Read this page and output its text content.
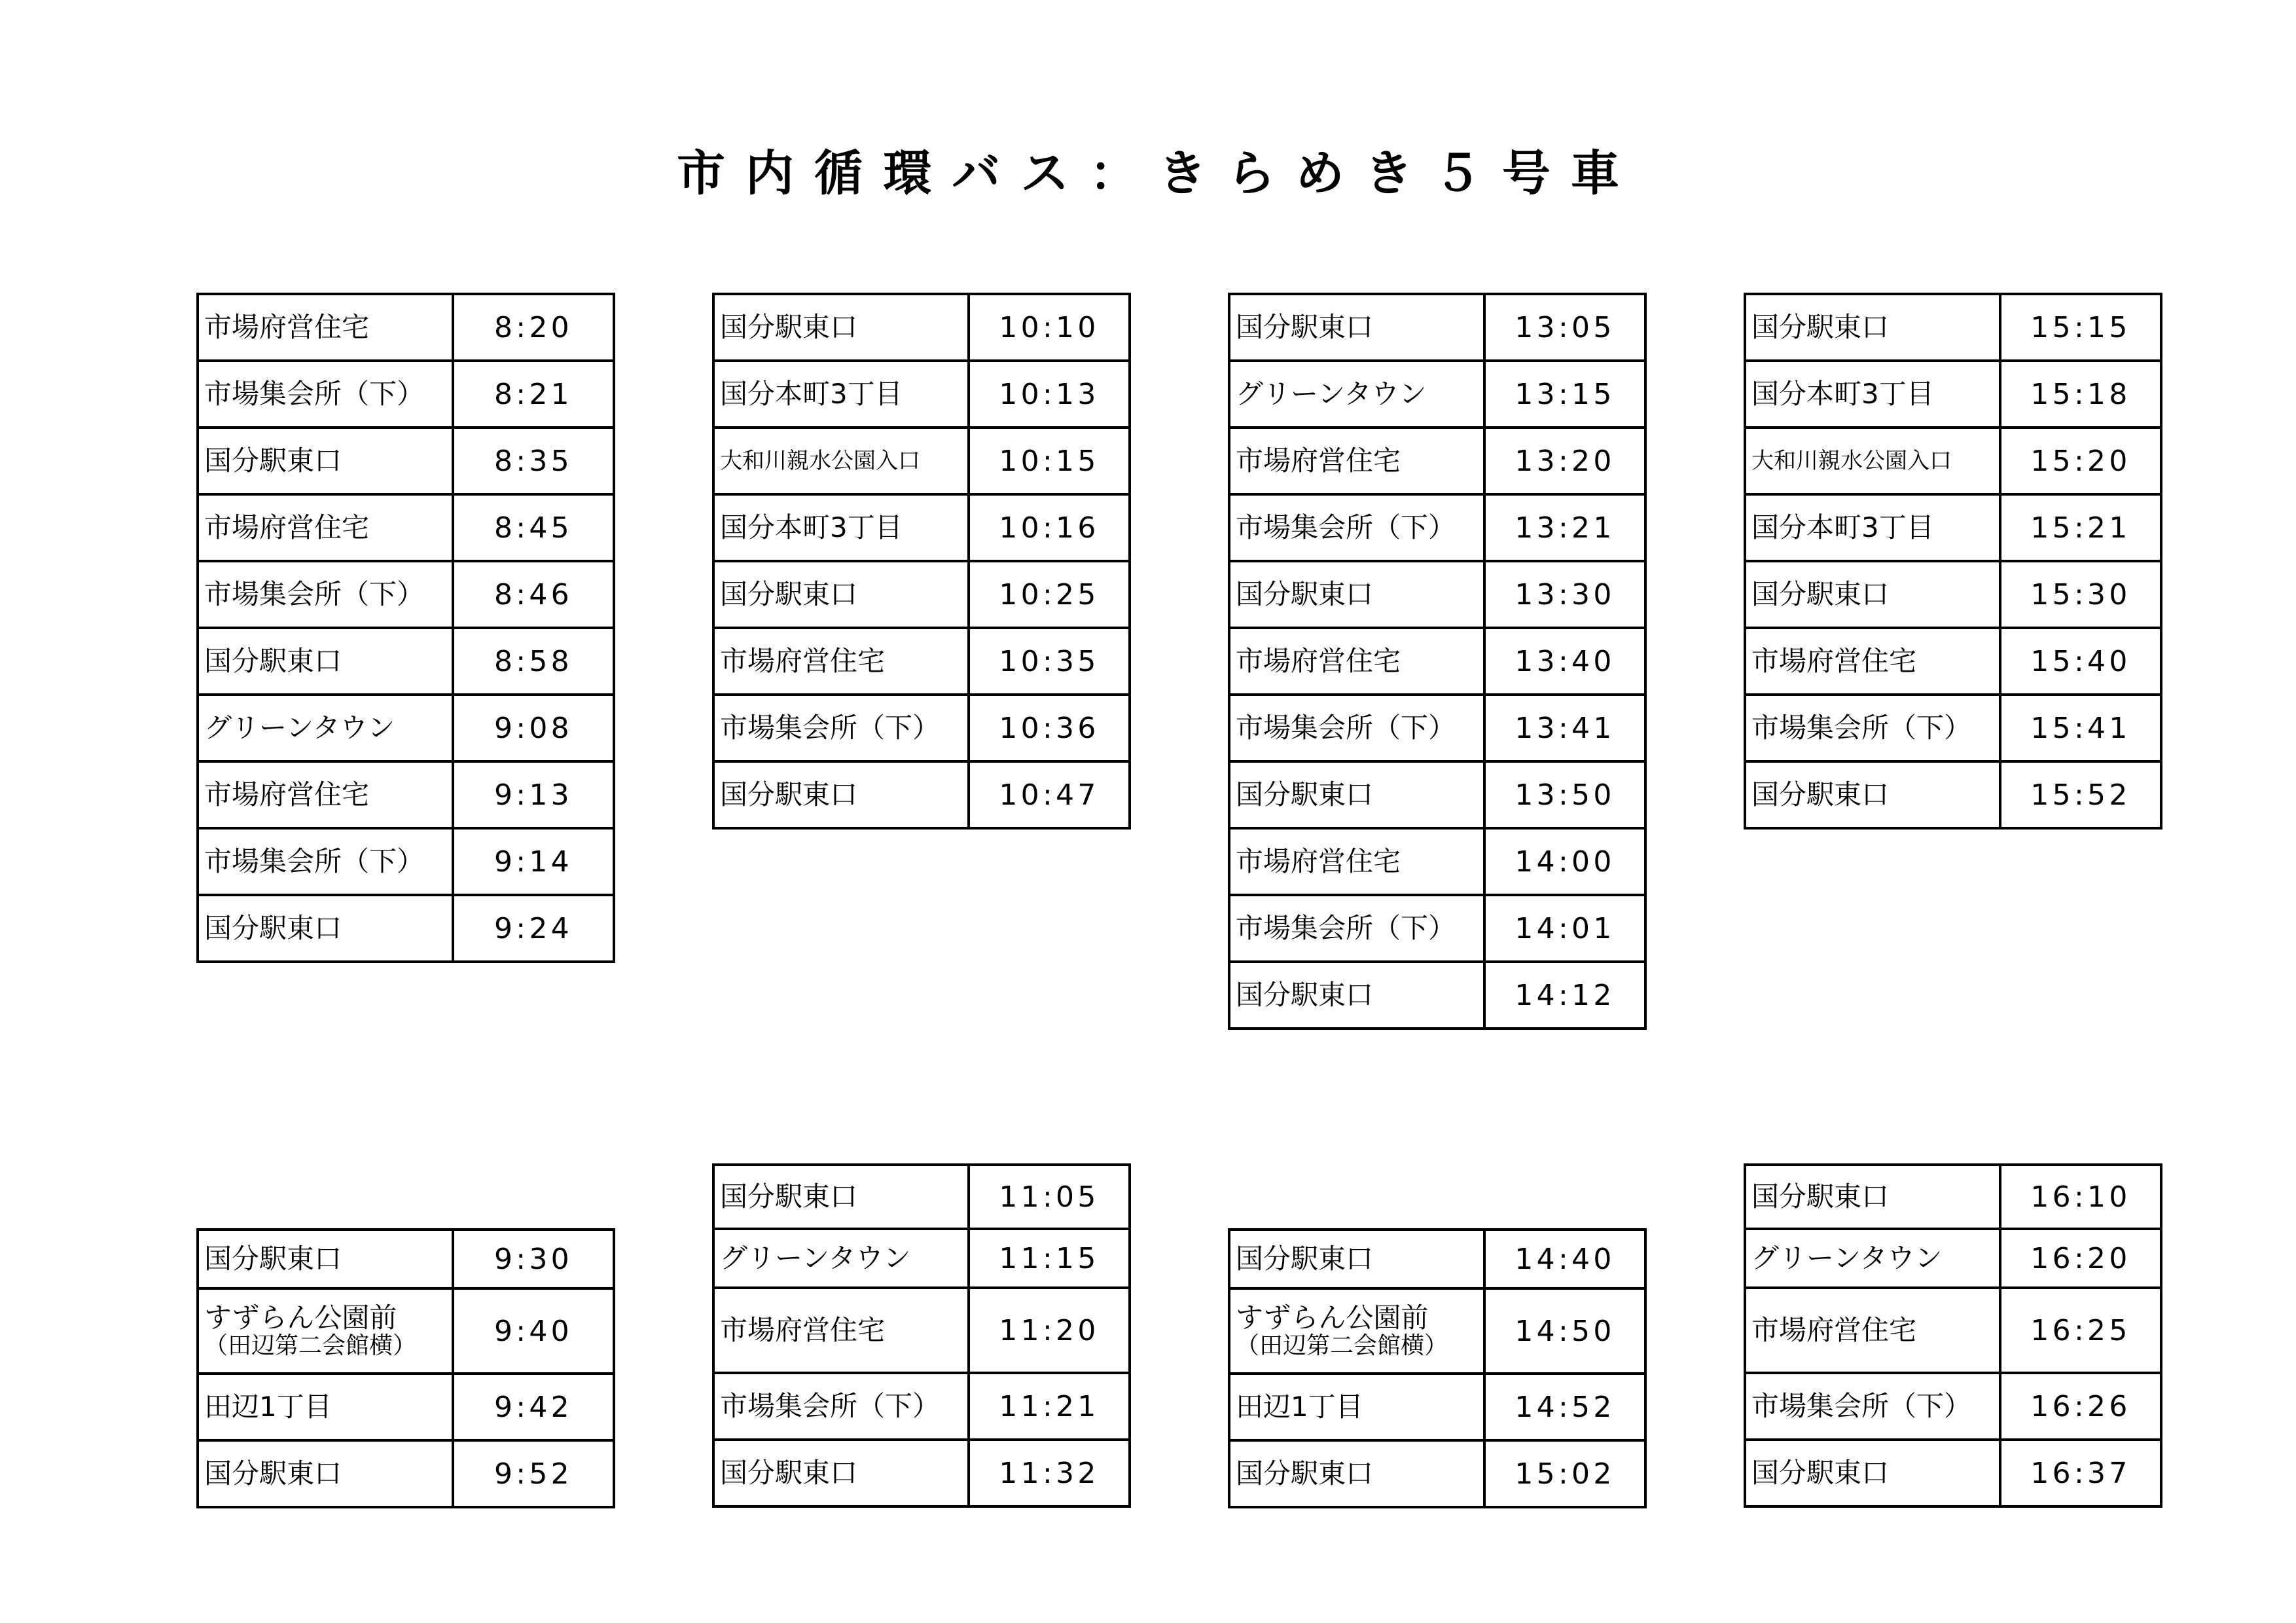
市内循環バス：きらめき５号車
市場府営住宅	8:20

市場集会所（下）	8:21

国分駅東口	8:35

市場府営住宅	8:45

市場集会所（下）	8:46

国分駅東口	8:58

グリーンタウン	9:08

市場府営住宅	9:13

市場集会所（下）	9:14

国分駅東口	9:24
国分駅東口	10:10

国分本町3丁目	10:13

大和川親水公園入口	10:15

国分本町3丁目	10:16

国分駅東口	10:25

市場府営住宅	10:35

市場集会所（下）	10:36

国分駅東口	10:47
国分駅東口	13:05

グリーンタウン	13:15

市場府営住宅	13:20

市場集会所（下）	13:21

国分駅東口	13:30

市場府営住宅	13:40

市場集会所（下）	13:41

国分駅東口	13:50

市場府営住宅	14:00

市場集会所（下）	14:01

国分駅東口	14:12
国分駅東口	15:15

国分本町3丁目	15:18

大和川親水公園入口	15:20

国分本町3丁目	15:21

国分駅東口	15:30

市場府営住宅	15:40

市場集会所（下）	15:41

国分駅東口	15:52
国分駅東口	9:30

すずらん公園前
（田辺第二会館横）	9:40

田辺1丁目	9:42

国分駅東口	9:52
国分駅東口	11:05

グリーンタウン	11:15

市場府営住宅	11:20

市場集会所（下）	11:21

国分駅東口	11:32
国分駅東口	14:40

すずらん公園前
（田辺第二会館横）	14:50

田辺1丁目	14:52

国分駅東口	15:02
国分駅東口	16:10

グリーンタウン	16:20

市場府営住宅	16:25

市場集会所（下）	16:26

国分駅東口	16:37
